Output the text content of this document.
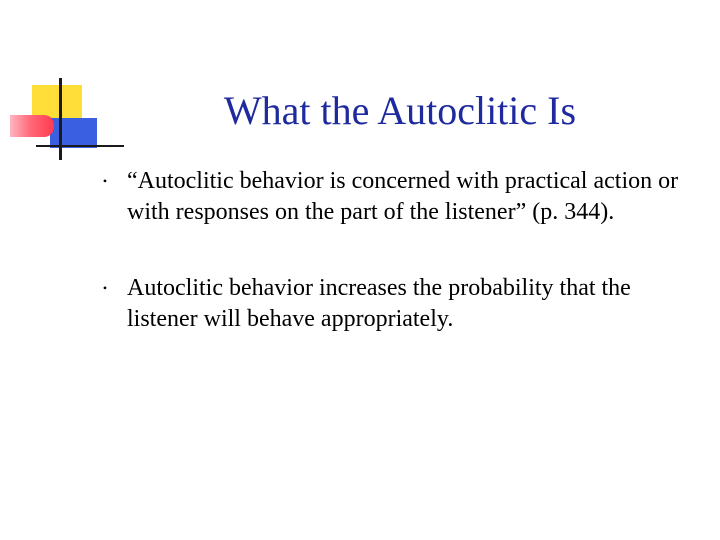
What the Autoclitic Is
• “Autoclitic behavior is concerned with practical action or with responses on the part of the listener” (p. 344).
• Autoclitic behavior increases the probability that the listener will behave appropriately.
